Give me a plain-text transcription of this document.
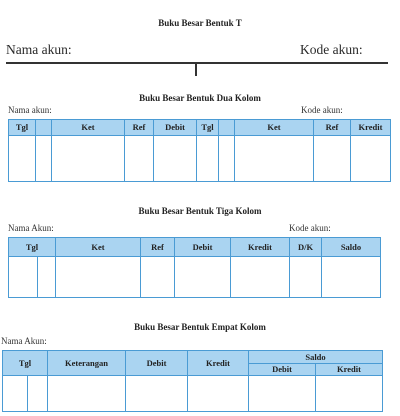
Buku Besar Bentuk T
Nama akun:	Kode akun:
Buku Besar Bentuk Dua Kolom
Nama akun:	Kode akun:
Tgl		Ket	Ref	Debit	Tgl		Ket	Ref	Kredit

Buku Besar Bentuk Tiga Kolom
Nama Akun:	Kode akun:
Tgl		Ket	Ref	Debit	Kredit	D/K	Saldo

Buku Besar Bentuk Empat Kolom
Nama Akun:
Tgl		Keterangan	Debit	Kredit	Saldo	
					Debit	Kredit
